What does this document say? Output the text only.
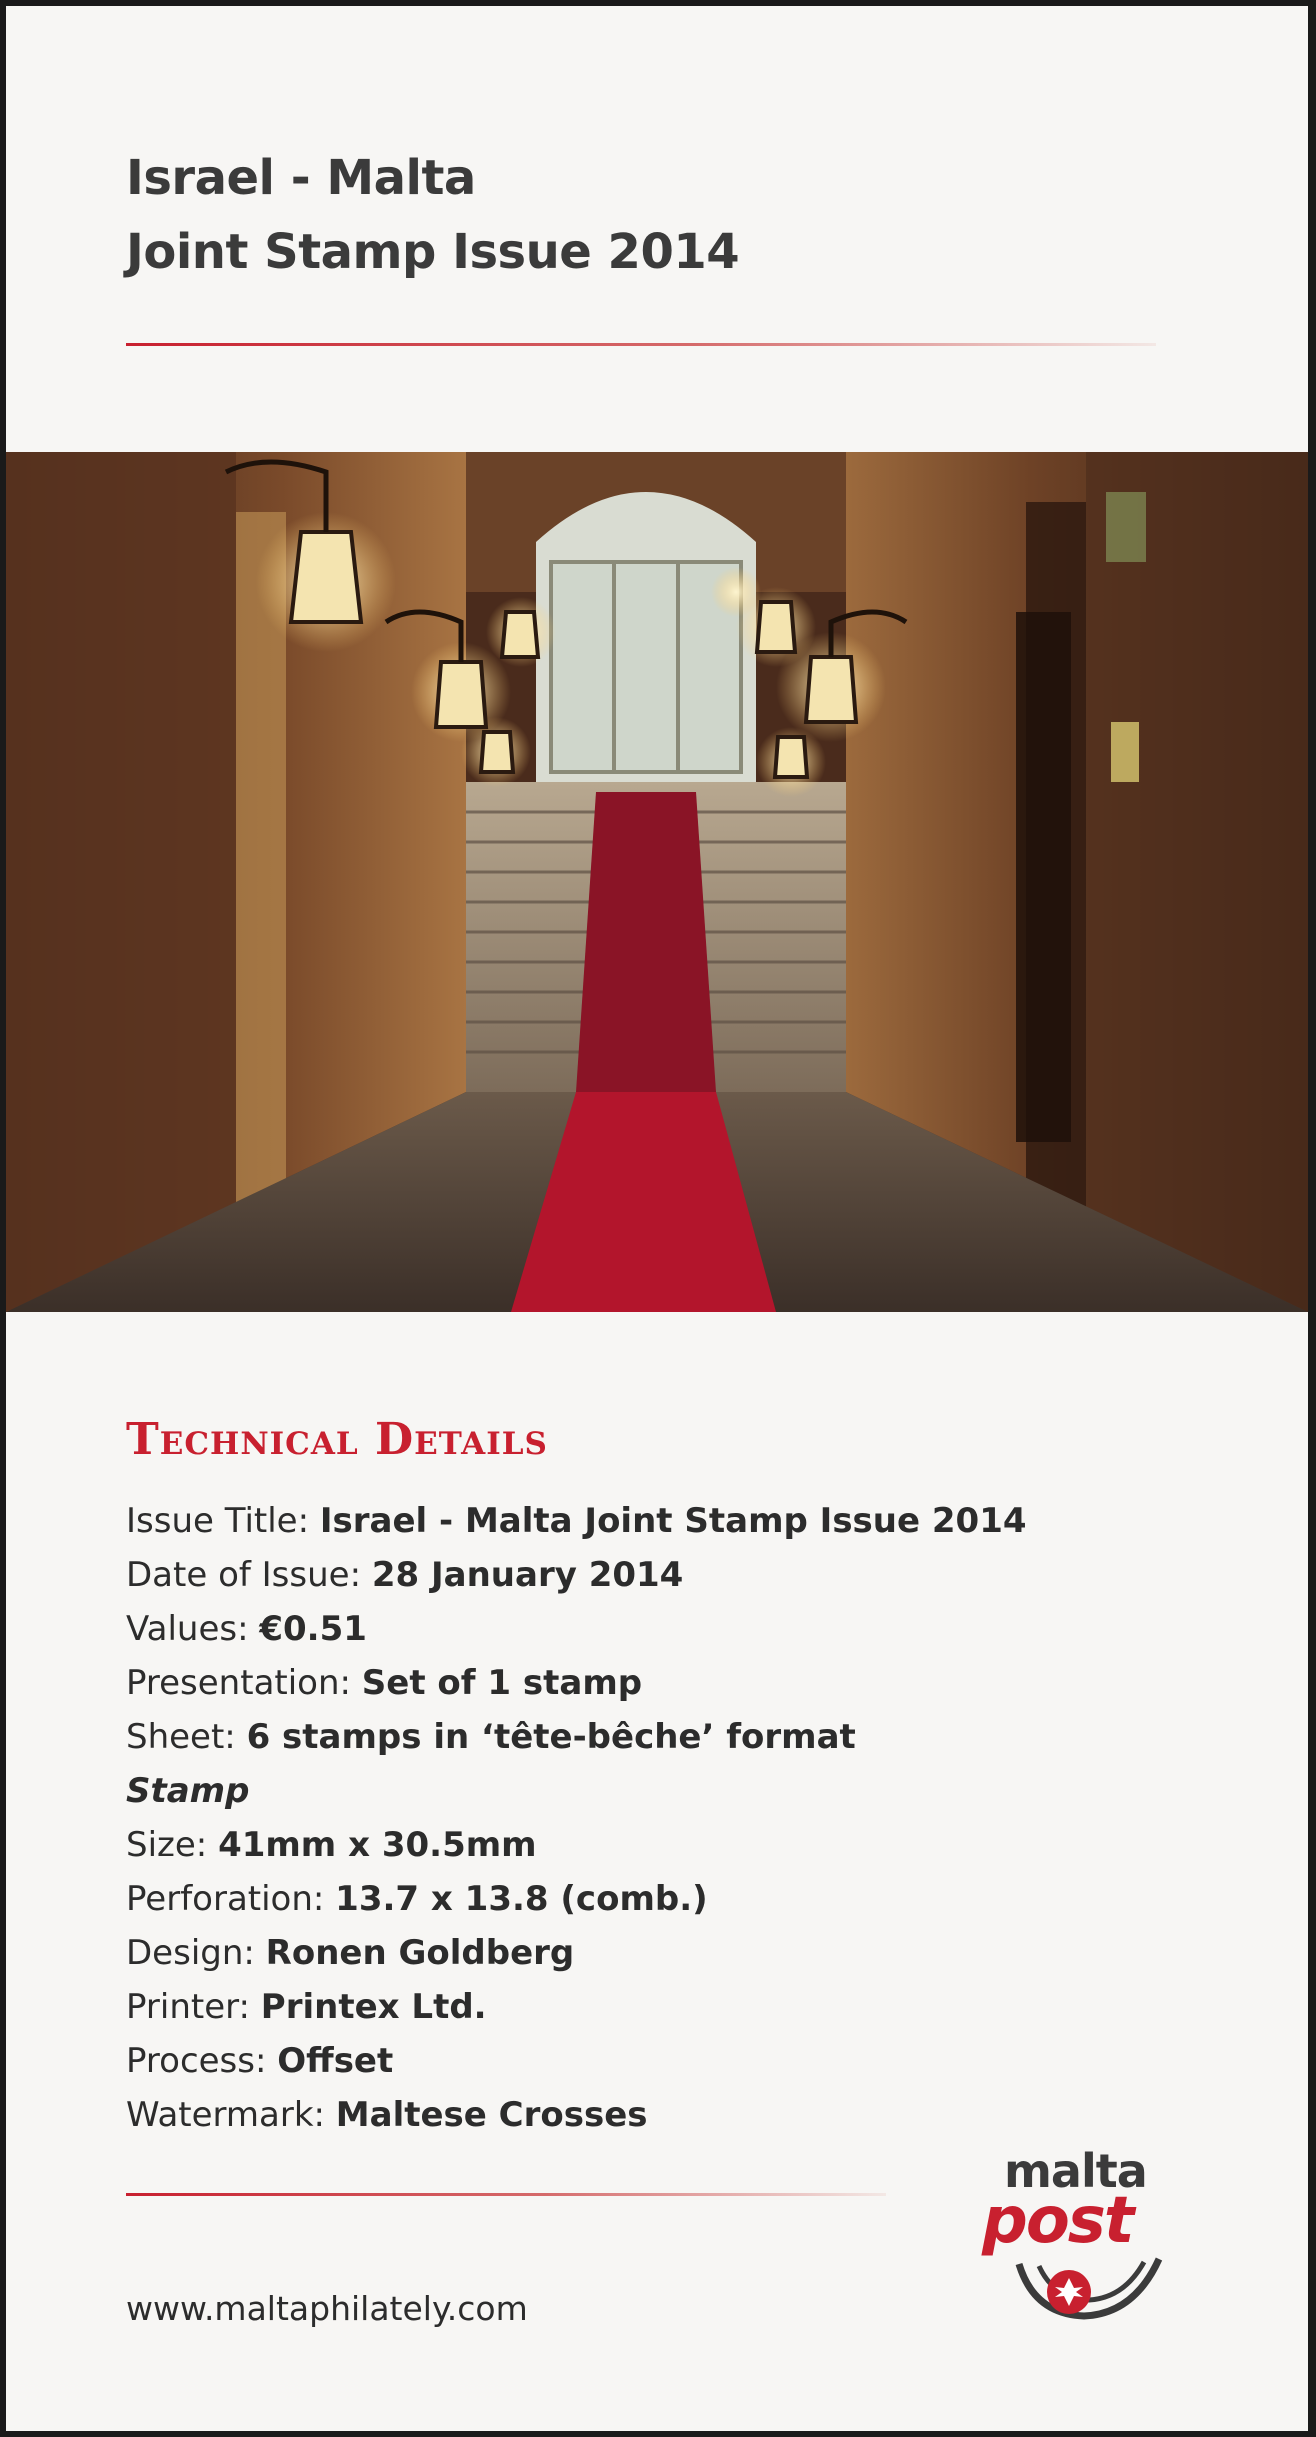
Israel - Malta
Joint Stamp Issue 2014
Technical Details
Issue Title: Israel - Malta Joint Stamp Issue 2014
Date of Issue: 28 January 2014
Values: €0.51
Presentation: Set of 1 stamp
Sheet: 6 stamps in ‘tête-bêche’ format
Stamp
Size: 41mm x 30.5mm
Perforation: 13.7 x 13.8 (comb.)
Design: Ronen Goldberg
Printer: Printex Ltd.
Process: Offset
Watermark: Maltese Crosses
www.maltaphilately.com
malta
post
